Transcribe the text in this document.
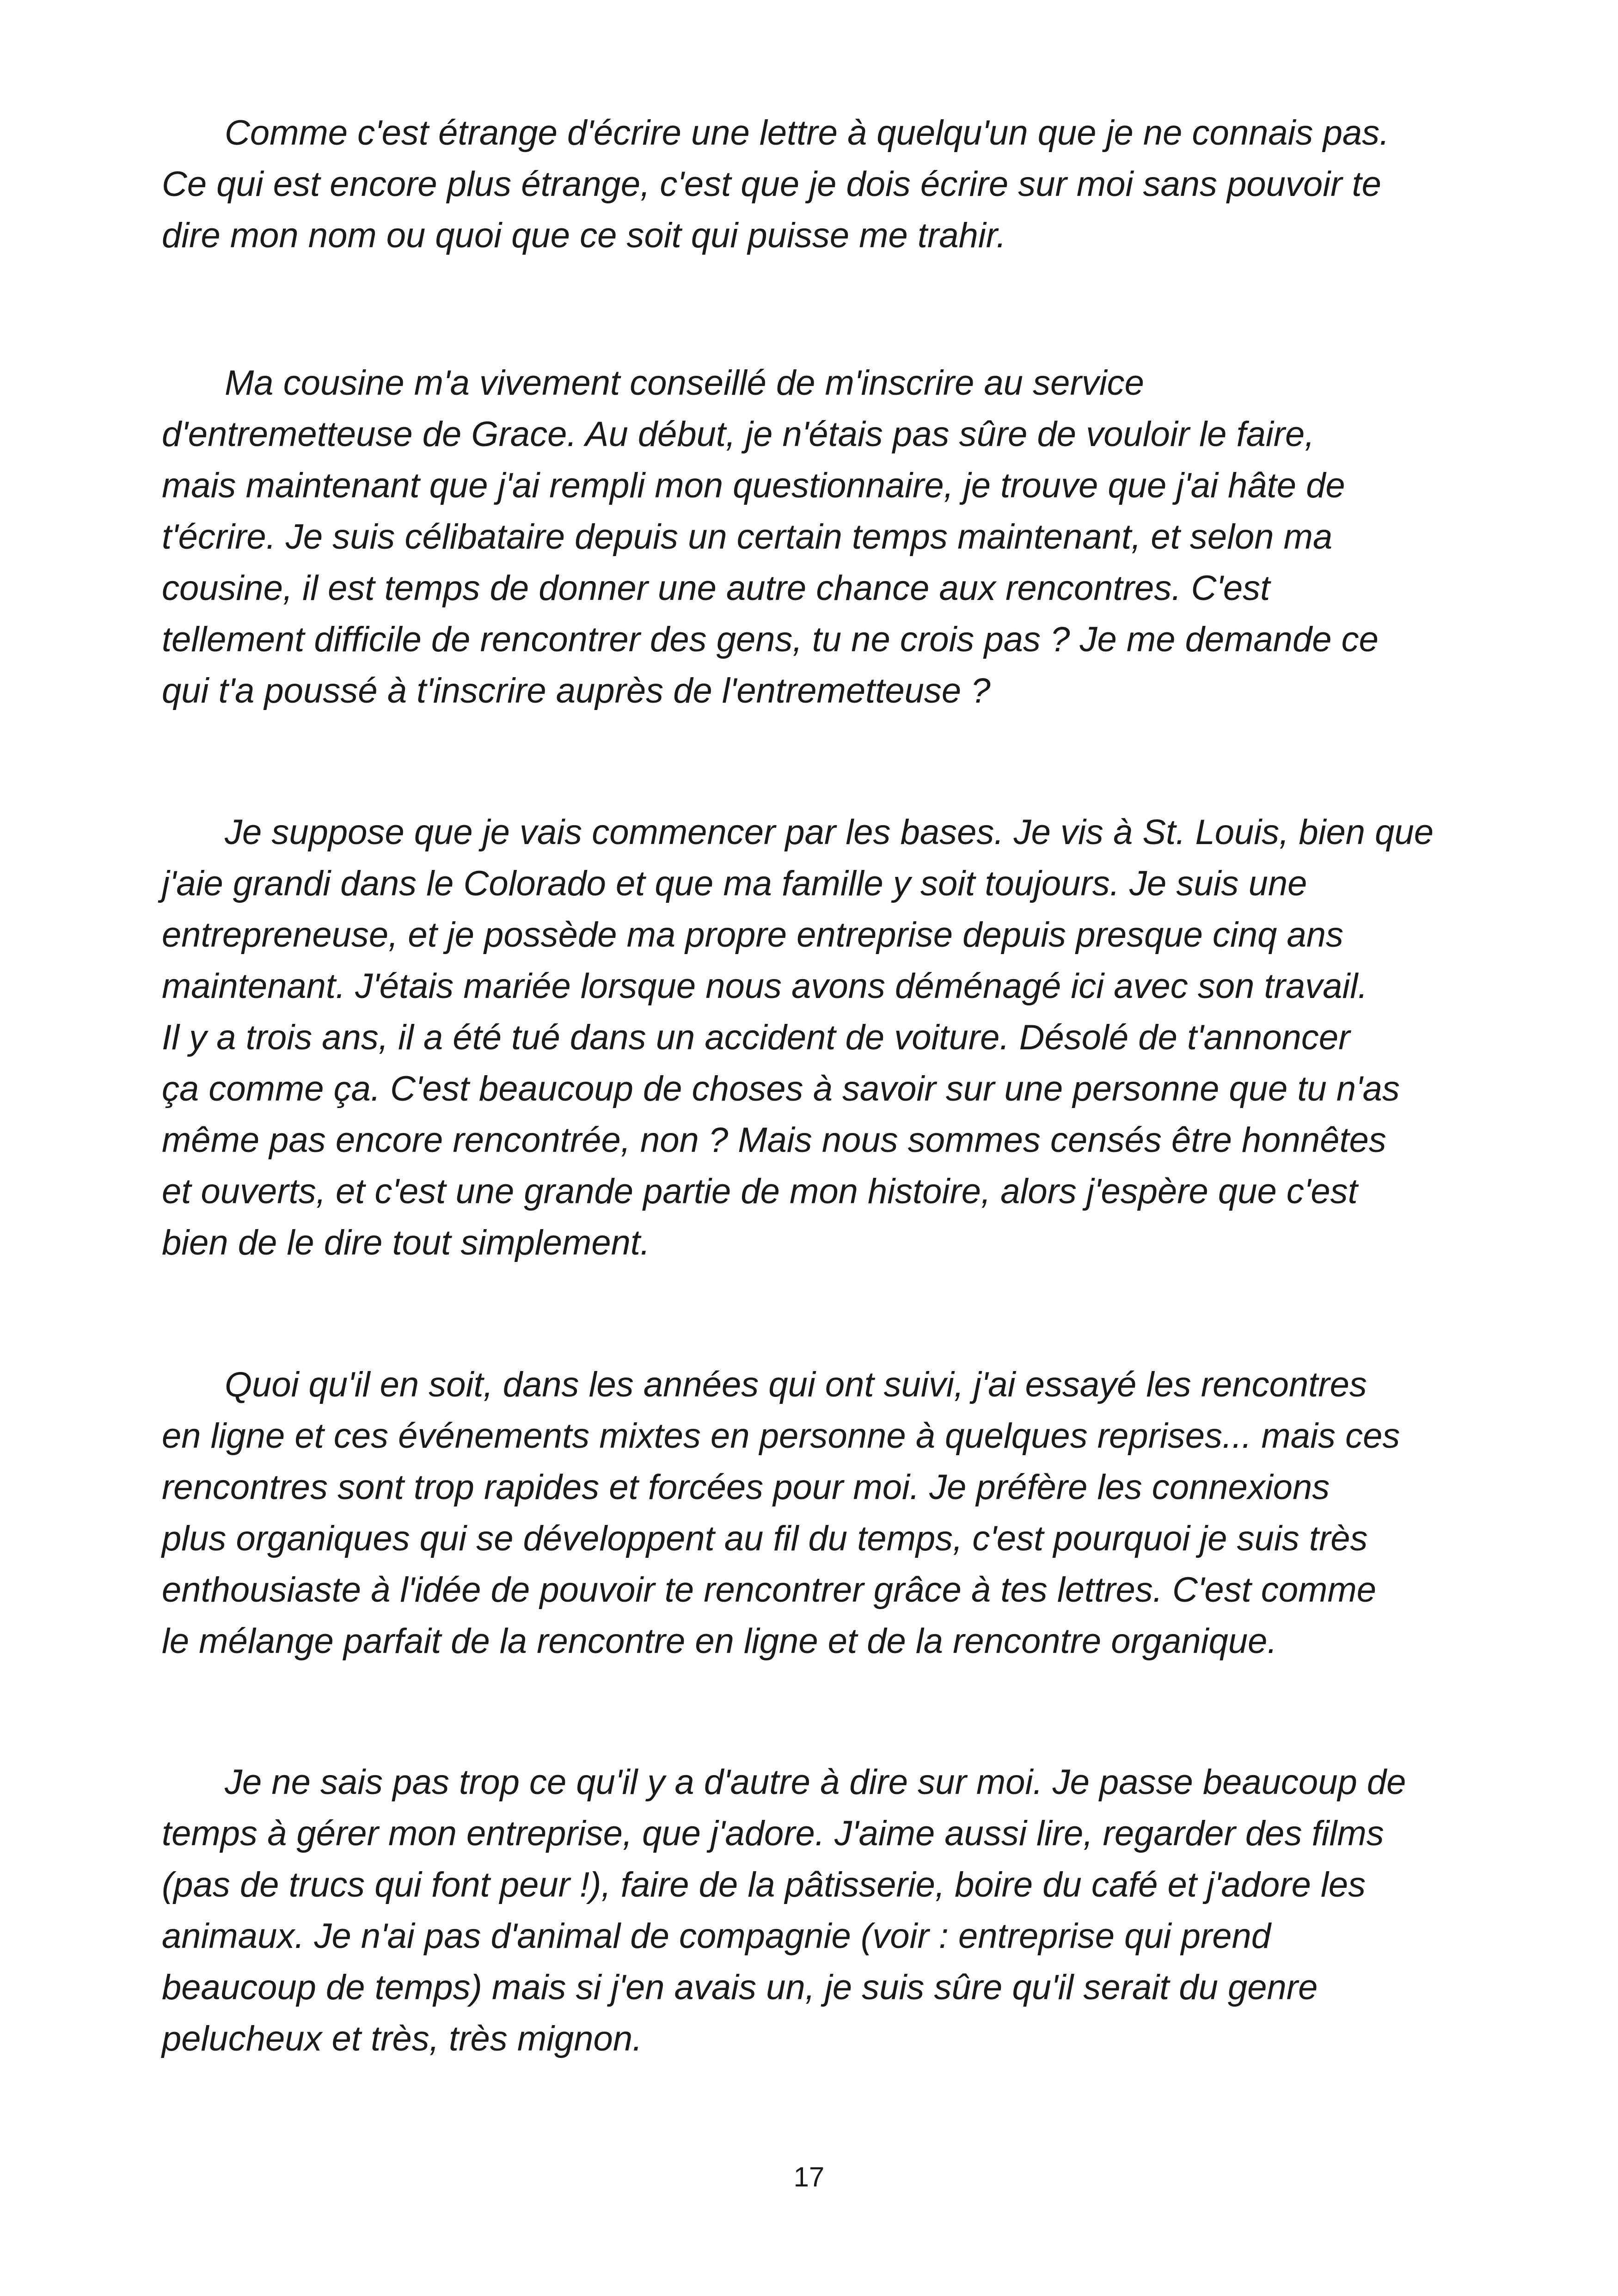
Comme c'est étrange d'écrire une lettre à quelqu'un que je ne connais pas.
Ce qui est encore plus étrange, c'est que je dois écrire sur moi sans pouvoir te
dire mon nom ou quoi que ce soit qui puisse me trahir.
Ma cousine m'a vivement conseillé de m'inscrire au service
d'entremetteuse de Grace. Au début, je n'étais pas sûre de vouloir le faire,
mais maintenant que j'ai rempli mon questionnaire, je trouve que j'ai hâte de
t'écrire. Je suis célibataire depuis un certain temps maintenant, et selon ma
cousine, il est temps de donner une autre chance aux rencontres. C'est
tellement difficile de rencontrer des gens, tu ne crois pas ? Je me demande ce
qui t'a poussé à t'inscrire auprès de l'entremetteuse ?
Je suppose que je vais commencer par les bases. Je vis à St. Louis, bien que
j'aie grandi dans le Colorado et que ma famille y soit toujours. Je suis une
entrepreneuse, et je possède ma propre entreprise depuis presque cinq ans
maintenant. J'étais mariée lorsque nous avons déménagé ici avec son travail.
Il y a trois ans, il a été tué dans un accident de voiture. Désolé de t'annoncer
ça comme ça. C'est beaucoup de choses à savoir sur une personne que tu n'as
même pas encore rencontrée, non ? Mais nous sommes censés être honnêtes
et ouverts, et c'est une grande partie de mon histoire, alors j'espère que c'est
bien de le dire tout simplement.
Quoi qu'il en soit, dans les années qui ont suivi, j'ai essayé les rencontres
en ligne et ces événements mixtes en personne à quelques reprises... mais ces
rencontres sont trop rapides et forcées pour moi. Je préfère les connexions
plus organiques qui se développent au fil du temps, c'est pourquoi je suis très
enthousiaste à l'idée de pouvoir te rencontrer grâce à tes lettres. C'est comme
le mélange parfait de la rencontre en ligne et de la rencontre organique.
Je ne sais pas trop ce qu'il y a d'autre à dire sur moi. Je passe beaucoup de
temps à gérer mon entreprise, que j'adore. J'aime aussi lire, regarder des films
(pas de trucs qui font peur !), faire de la pâtisserie, boire du café et j'adore les
animaux. Je n'ai pas d'animal de compagnie (voir : entreprise qui prend
beaucoup de temps) mais si j'en avais un, je suis sûre qu'il serait du genre
pelucheux et très, très mignon.
17
